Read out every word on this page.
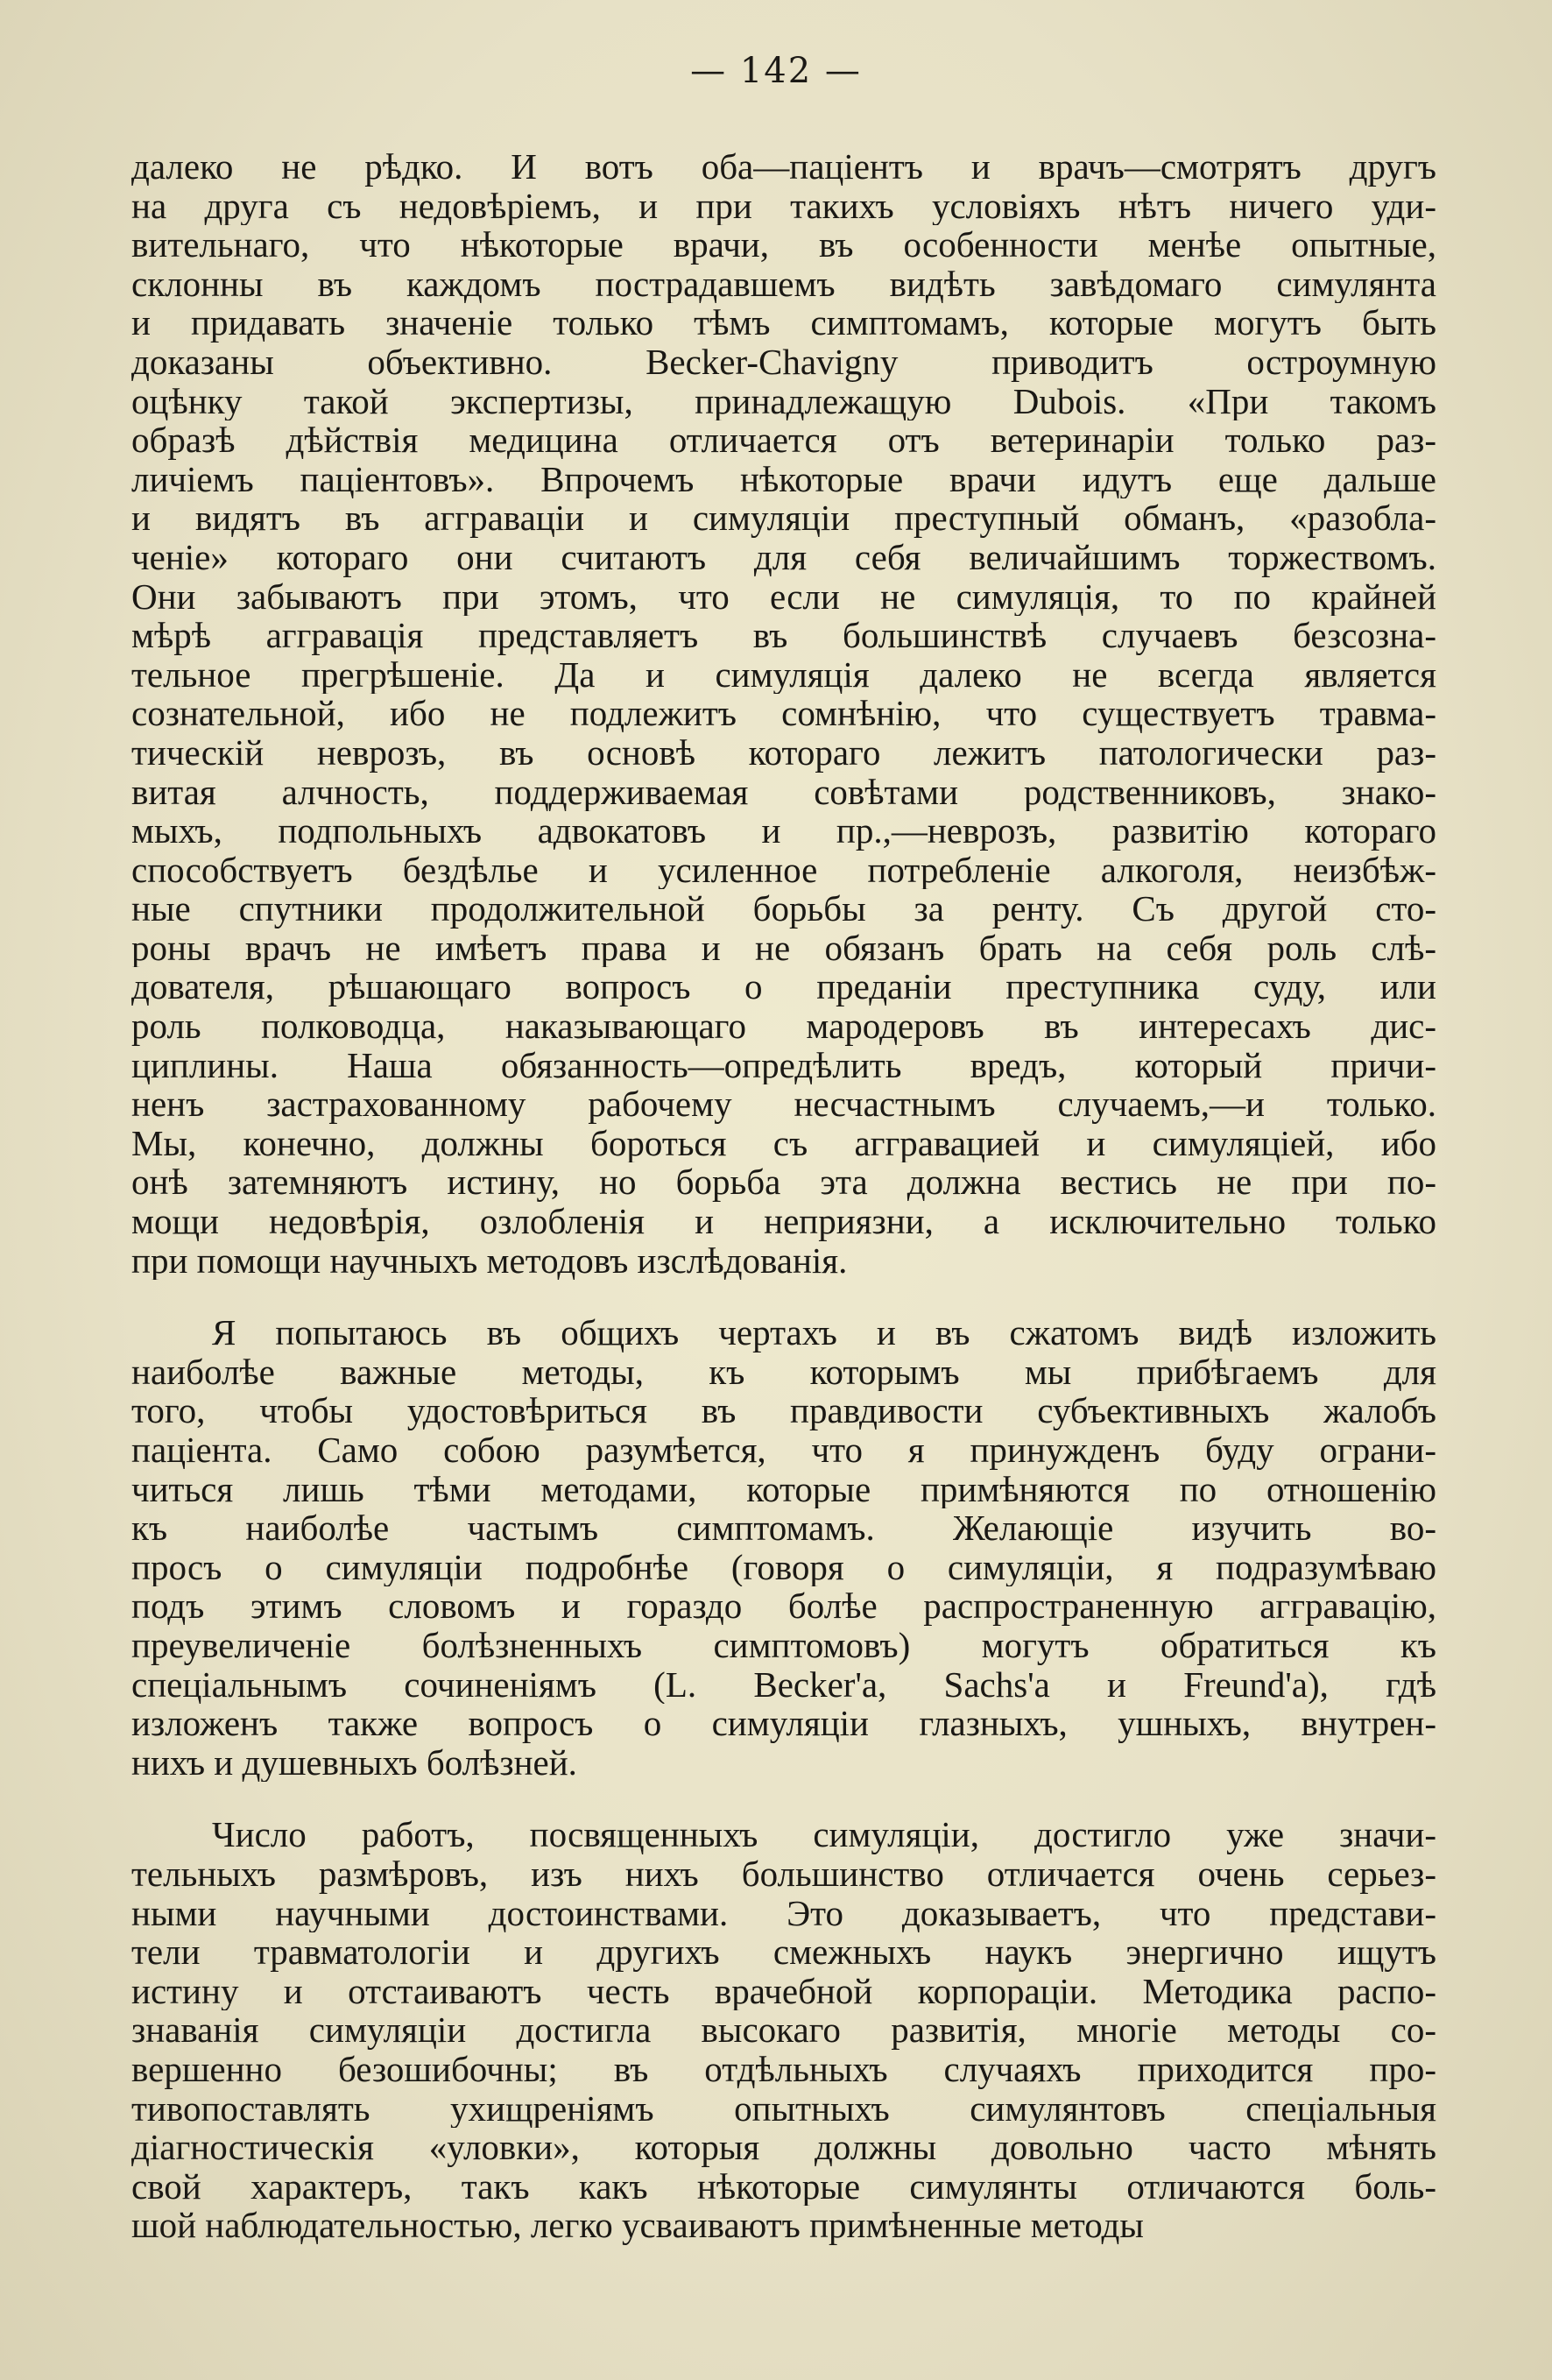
— 142 —
далеко не рѣдко. И вотъ оба—паціентъ и врачъ—смотрятъ другъ
на друга съ недовѣріемъ, и при такихъ условіяхъ нѣтъ ничего уди-
вительнаго, что нѣкоторые врачи, въ особенности менѣе опытные,
склонны въ каждомъ пострадавшемъ видѣть завѣдомаго симулянта
и придавать значеніе только тѣмъ симптомамъ, которые могутъ быть
доказаны объективно. Becker-Chavigny приводитъ остроумную
оцѣнку такой экспертизы, принадлежащую Dubois. «При такомъ
образѣ дѣйствія медицина отличается отъ ветеринаріи только раз-
личіемъ паціентовъ». Впрочемъ нѣкоторые врачи идутъ еще дальше
и видятъ въ аггравацiи и симуляціи преступный обманъ, «разобла-
ченіе» котораго они считаютъ для себя величайшимъ торжествомъ.
Они забываютъ при этомъ, что если не симуляція, то по крайней
мѣрѣ аггравація представляетъ въ большинствѣ случаевъ безсозна-
тельное прегрѣшеніе. Да и симуляція далеко не всегда является
сознательной, ибо не подлежитъ сомнѣнію, что существуетъ травма-
тическій неврозъ, въ основѣ котораго лежитъ патологически раз-
витая алчность, поддерживаемая совѣтами родственниковъ, знако-
мыхъ, подпольныхъ адвокатовъ и пр.,—неврозъ, развитію котораго
способствуетъ бездѣлье и усиленное потребленіе алкоголя, неизбѣж-
ные спутники продолжительной борьбы за ренту. Съ другой сто-
роны врачъ не имѣетъ права и не обязанъ брать на себя роль слѣ-
дователя, рѣшающаго вопросъ о преданіи преступника суду, или
роль полководца, наказывающаго мародеровъ въ интересахъ дис-
циплины. Наша обязанность—опредѣлить вредъ, который причи-
ненъ застрахованному рабочему несчастнымъ случаемъ,—и только.
Мы, конечно, должны бороться съ аггравацией и симуляціей, ибо
онѣ затемняютъ истину, но борьба эта должна вестись не при по-
мощи недовѣрія, озлобленія и неприязни, а исключительно только
при помощи научныхъ методовъ изслѣдованія.
Я попытаюсь въ общихъ чертахъ и въ сжатомъ видѣ изложить
наиболѣе важные методы, къ которымъ мы прибѣгаемъ для
того, чтобы удостовѣриться въ правдивости субъективныхъ жалобъ
паціента. Само собою разумѣется, что я принужденъ буду ограни-
читься лишь тѣми методами, которые примѣняются по отношенію
къ наиболѣе частымъ симптомамъ. Желающіе изучить во-
просъ о симуляціи подробнѣе (говоря о симуляціи, я подразумѣваю
подъ этимъ словомъ и гораздо болѣе распространенную аггравацію,
преувеличеніе болѣзненныхъ симптомовъ) могутъ обратиться къ
спеціальнымъ сочиненіямъ (L. Becker'a, Sachs'a и Freund'a), гдѣ
изложенъ также вопросъ о симуляціи глазныхъ, ушныхъ, внутрен-
нихъ и душевныхъ болѣзней.
Число работъ, посвященныхъ симуляціи, достигло уже значи-
тельныхъ размѣровъ, изъ нихъ большинство отличается очень серьез-
ными научными достоинствами. Это доказываетъ, что представи-
тели травматологіи и другихъ смежныхъ наукъ энергично ищутъ
истину и отстаиваютъ честь врачебной корпораціи. Методика распо-
знаванія симуляціи достигла высокаго развитія, многіе методы со-
вершенно безошибочны; въ отдѣльныхъ случаяхъ приходится про-
тивопоставлять ухищреніямъ опытныхъ симулянтовъ спеціальныя
діагностическія «уловки», которыя должны довольно часто мѣнять
свой характеръ, такъ какъ нѣкоторые симулянты отличаются боль-
шой наблюдательностью, легко усваиваютъ примѣненные методы
